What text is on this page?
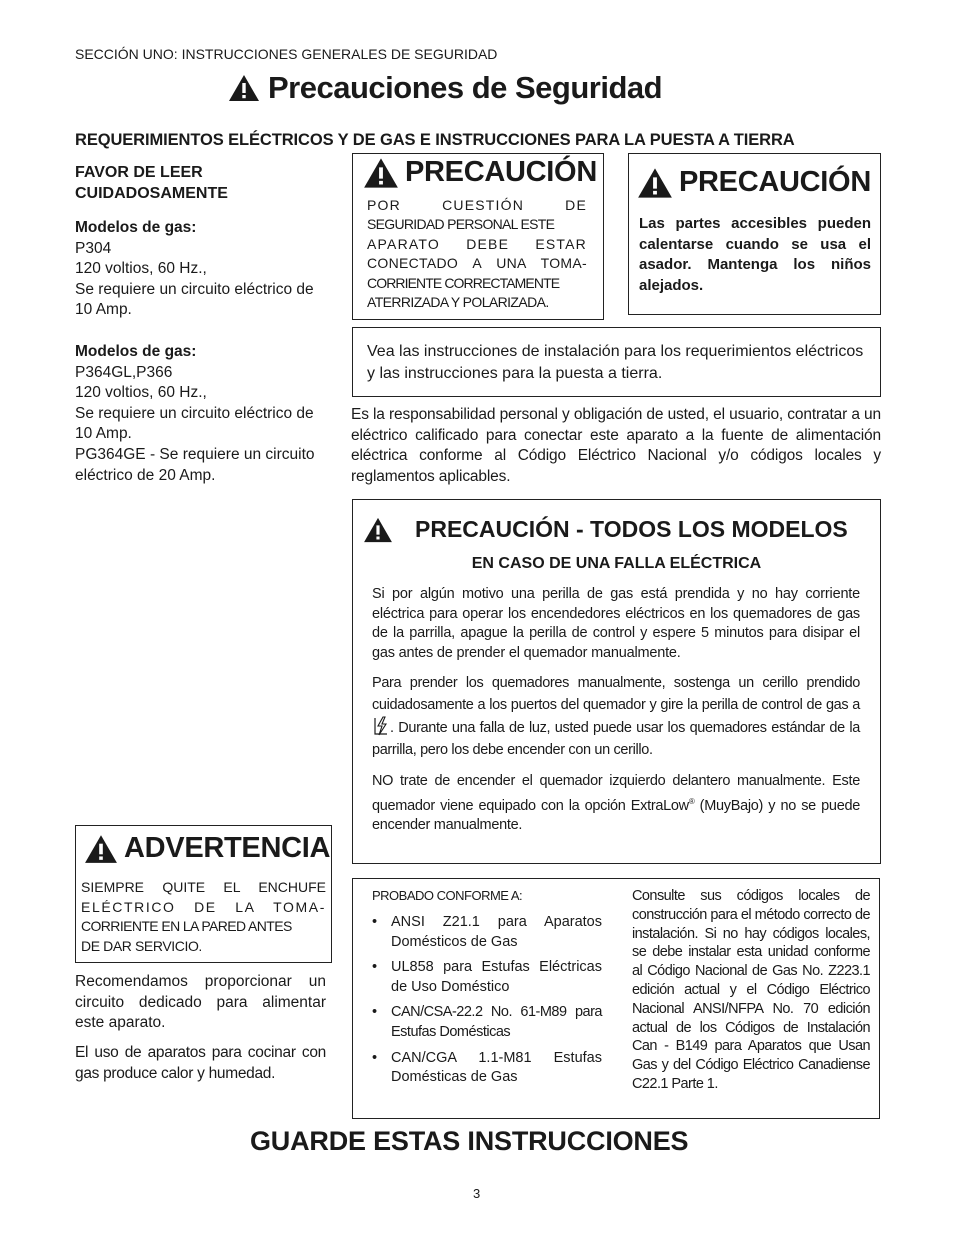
SECCIÓN UNO: INSTRUCCIONES GENERALES DE SEGURIDAD
Precauciones de Seguridad
REQUERIMIENTOS ELÉCTRICOS Y DE GAS E INSTRUCCIONES PARA LA PUESTA A TIERRA
FAVOR DE LEER
CUIDADOSAMENTE
Modelos de gas:
P304
120 voltios, 60 Hz.,
Se requiere un circuito eléctrico de
10 Amp.
Modelos de gas:
P364GL,P366
120 voltios, 60 Hz.,
Se requiere un circuito eléctrico de
10 Amp.
PG364GE - Se requiere un circuito
eléctrico de 20 Amp.
ADVERTENCIA
SIEMPRE QUITE EL ENCHUFE
ELÉCTRICO DE LA TOMA-
CORRIENTE EN LA PARED ANTES
DE DAR SERVICIO.
Recomendamos proporcionar un circuito dedicado para alimentar este aparato.
El uso de aparatos para cocinar con gas produce calor y humedad.
PRECAUCIÓN
POR CUESTIÓN DE
SEGURIDAD PERSONAL ESTE
APARATO DEBE ESTAR
CONECTADO A UNA TOMA-
CORRIENTE CORRECTAMENTE
ATERRIZADA Y POLARIZADA.
PRECAUCIÓN
Las partes accesibles pueden calentarse cuando se usa el asador. Mantenga los niños alejados.
Vea las instrucciones de instalación para los requerimientos eléctricos y las instrucciones para la puesta a tierra.
Es la responsabilidad personal y obligación de usted, el usuario, contratar a un eléctrico calificado para conectar este aparato a la fuente de alimentación eléctrica conforme al Código Eléctrico Nacional y/o códigos locales y reglamentos aplicables.
PRECAUCIÓN - TODOS LOS MODELOS
EN CASO DE UNA FALLA ELÉCTRICA
Si por algún motivo una perilla de gas está prendida y no hay corriente eléctrica para operar los encendedores eléctricos en los quemadores de gas de la parrilla, apague la perilla de control y espere 5 minutos para disipar el gas antes de prender el quemador manualmente.
Para prender los quemadores manualmente, sostenga un cerillo prendido cuidadosamente a los puertos del quemador y gire la perilla de control de gas a. Durante una falla de luz, usted puede usar los quemadores estándar de la parrilla, pero los debe encender con un cerillo.
NO trate de encender el quemador izquierdo delantero manualmente. Este quemador viene equipado con la opción ExtraLow® (MuyBajo) y no se puede encender manualmente.
PROBADO CONFORME A:
• ANSI Z21.1 para Aparatos Domésticos de Gas
• UL858 para Estufas Eléctricas de Uso Doméstico
• CAN/CSA-22.2 No. 61-M89 para Estufas Domésticas
• CAN/CGA 1.1-M81 Estufas Domésticas de Gas
Consulte sus códigos locales de construcción para el método correcto de instalación. Si no hay códigos locales, se debe instalar esta unidad conforme al Código Nacional de Gas No. Z223.1 edición actual y el Código Eléctrico Nacional ANSI/NFPA No. 70 edición actual de los Códigos de Instalación Can - B149 para Aparatos que Usan Gas y del Código Eléctrico Canadiense C22.1 Parte 1.
GUARDE ESTAS INSTRUCCIONES
3
